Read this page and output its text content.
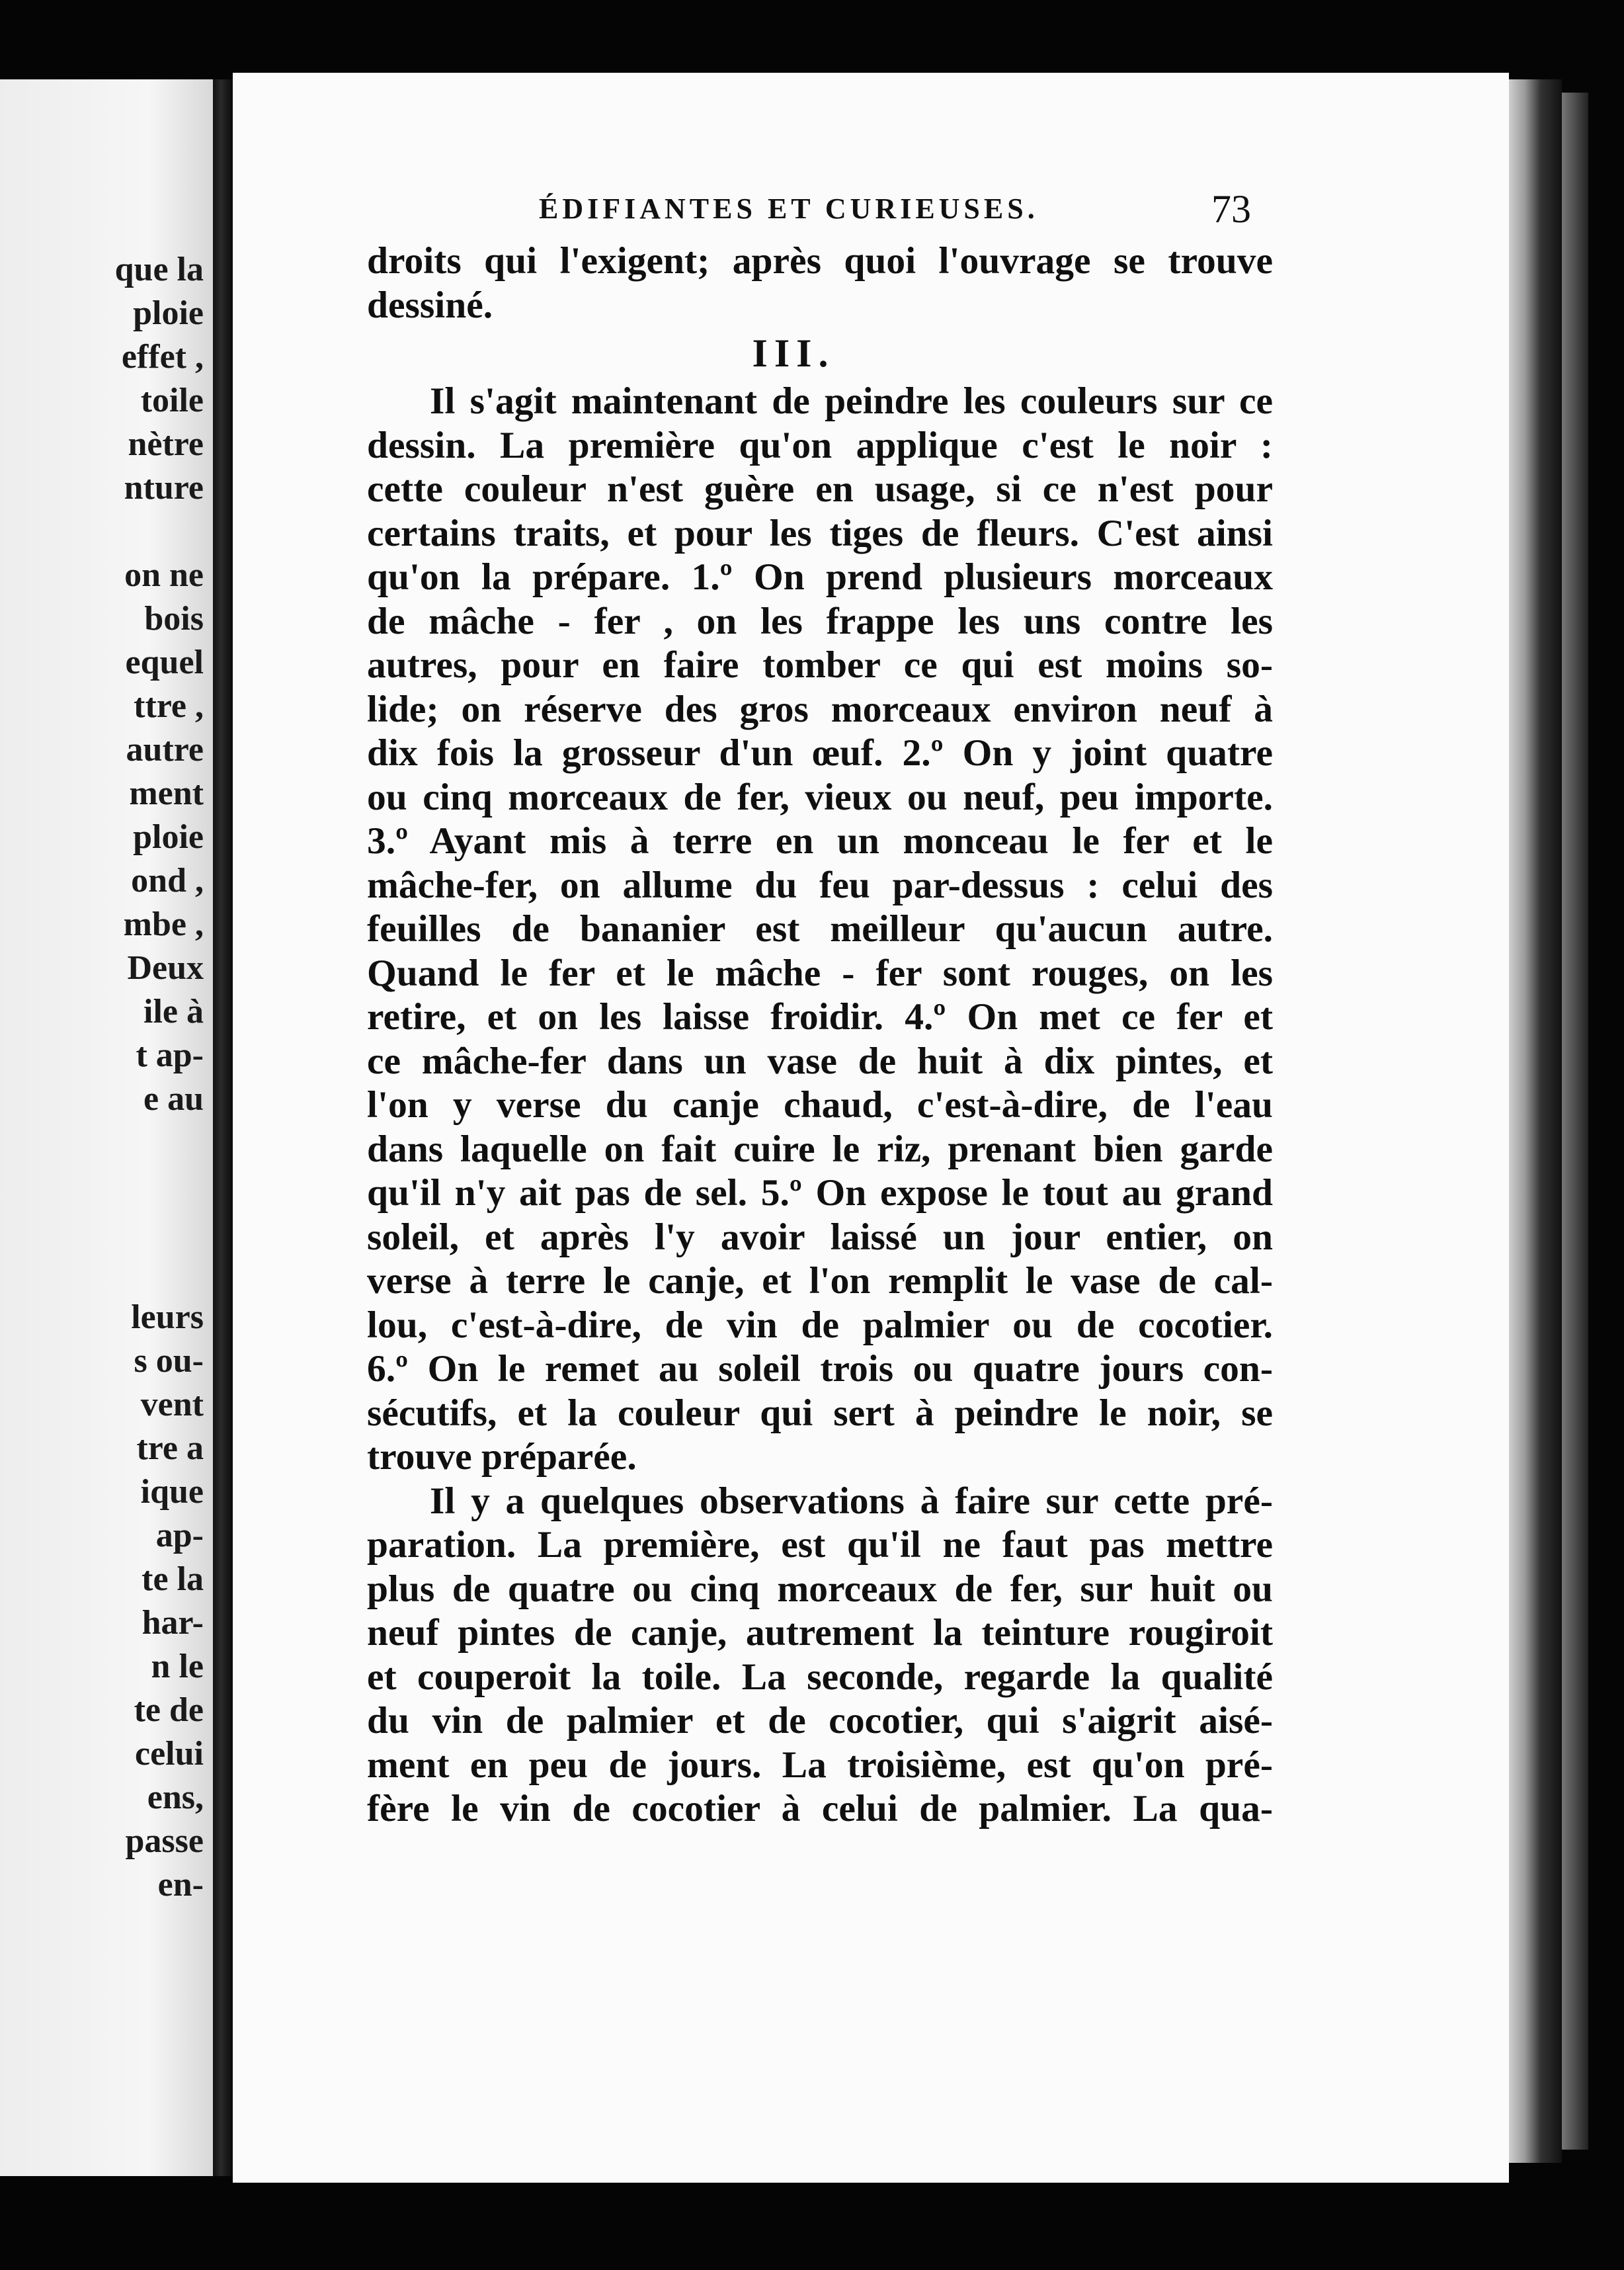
que la
ploie
effet ,
toile
nètre
nture
on ne
bois
equel
ttre ,
autre
ment
ploie
ond ,
mbe ,
Deux
ile à
t ap-
e au
leurs
s ou-
vent
tre a
ique
ap-
te la
har-
n le
te de
celui
ens,
passe
en-
ÉDIFIANTES ET CURIEUSES.	73
droits qui l'exigent; après quoi l'ouvrage se trouve
dessiné.
III.
Il s'agit maintenant de peindre les couleurs sur ce
dessin. La première qu'on applique c'est le noir :
cette couleur n'est guère en usage, si ce n'est pour
certains traits, et pour les tiges de fleurs. C'est ainsi
qu'on la prépare. 1.º On prend plusieurs morceaux
de mâche - fer , on les frappe les uns contre les
autres, pour en faire tomber ce qui est moins so-
lide; on réserve des gros morceaux environ neuf à
dix fois la grosseur d'un œuf. 2.º On y joint quatre
ou cinq morceaux de fer, vieux ou neuf, peu importe.
3.º Ayant mis à terre en un monceau le fer et le
mâche-fer, on allume du feu par-dessus : celui des
feuilles de bananier est meilleur qu'aucun autre.
Quand le fer et le mâche - fer sont rouges, on les
retire, et on les laisse froidir. 4.º On met ce fer et
ce mâche-fer dans un vase de huit à dix pintes, et
l'on y verse du canje chaud, c'est-à-dire, de l'eau
dans laquelle on fait cuire le riz, prenant bien garde
qu'il n'y ait pas de sel. 5.º On expose le tout au grand
soleil, et après l'y avoir laissé un jour entier, on
verse à terre le canje, et l'on remplit le vase de cal-
lou, c'est-à-dire, de vin de palmier ou de cocotier.
6.º On le remet au soleil trois ou quatre jours con-
sécutifs, et la couleur qui sert à peindre le noir, se
trouve préparée.
Il y a quelques observations à faire sur cette pré-
paration. La première, est qu'il ne faut pas mettre
plus de quatre ou cinq morceaux de fer, sur huit ou
neuf pintes de canje, autrement la teinture rougiroit
et couperoit la toile. La seconde, regarde la qualité
du vin de palmier et de cocotier, qui s'aigrit aisé-
ment en peu de jours. La troisième, est qu'on pré-
fère le vin de cocotier à celui de palmier. La qua-
